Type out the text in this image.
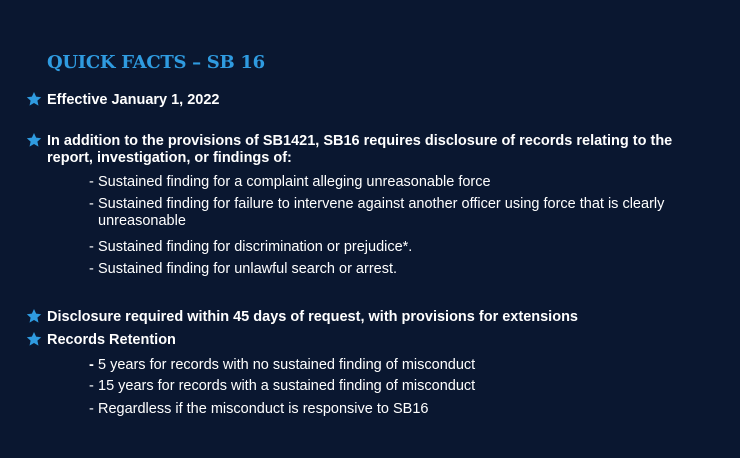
QUICK FACTS – SB 16
Effective January 1, 2022
In addition to the provisions of SB1421, SB16 requires disclosure of records relating to the report, investigation, or findings of:
- Sustained finding for a complaint alleging unreasonable force
- Sustained finding for failure to intervene against another officer using force that is clearly unreasonable
- Sustained finding for discrimination or prejudice*.
- Sustained finding for unlawful search or arrest.
Disclosure required within 45 days of request, with provisions for extensions
Records Retention
- 5 years for records with no sustained finding of misconduct
- 15 years for records with a sustained finding of misconduct
- Regardless if the misconduct is responsive to SB16
